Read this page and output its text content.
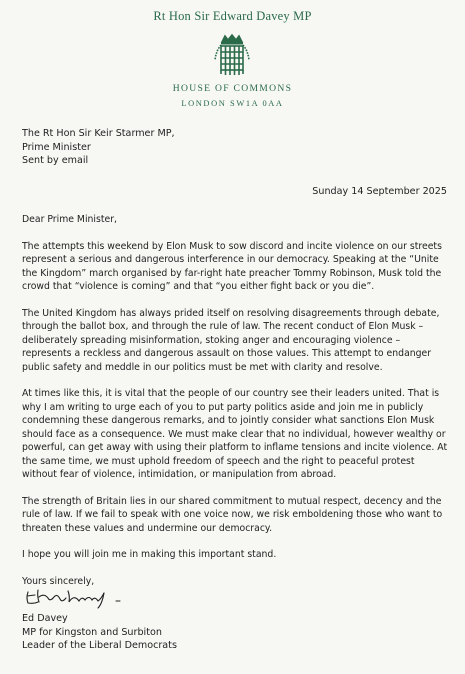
Rt Hon Sir Edward Davey MP
HOUSE OF COMMONS
LONDON SW1A 0AA
The Rt Hon Sir Keir Starmer MP,
Prime Minister
Sent by email
Sunday 14 September 2025

Dear Prime Minister,

The attempts this weekend by Elon Musk to sow discord and incite violence on our streets represent a serious and dangerous interference in our democracy. Speaking at the “Unite the Kingdom” march organised by far-right hate preacher Tommy Robinson, Musk told the crowd that “violence is coming” and that “you either fight back or you die”.

The United Kingdom has always prided itself on resolving disagreements through debate, through the ballot box, and through the rule of law. The recent conduct of Elon Musk – deliberately spreading misinformation, stoking anger and encouraging violence – represents a reckless and dangerous assault on those values. This attempt to endanger public safety and meddle in our politics must be met with clarity and resolve.

At times like this, it is vital that the people of our country see their leaders united. That is why I am writing to urge each of you to put party politics aside and join me in publicly condemning these dangerous remarks, and to jointly consider what sanctions Elon Musk should face as a consequence. We must make clear that no individual, however wealthy or powerful, can get away with using their platform to inflame tensions and incite violence. At the same time, we must uphold freedom of speech and the right to peaceful protest without fear of violence, intimidation, or manipulation from abroad.

The strength of Britain lies in our shared commitment to mutual respect, decency and the rule of law. If we fail to speak with one voice now, we risk emboldening those who want to threaten these values and undermine our democracy.

I hope you will join me in making this important stand.

Yours sincerely,

Ed Davey
MP for Kingston and Surbiton
Leader of the Liberal Democrats
